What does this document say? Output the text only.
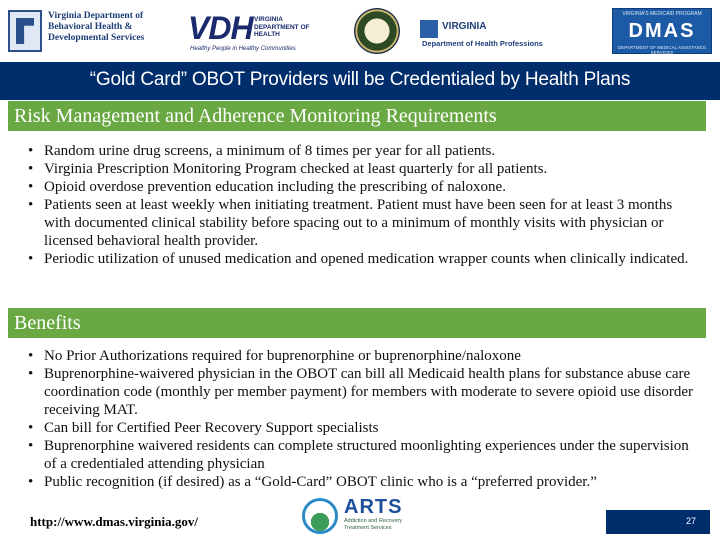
Virginia Department of Behavioral Health & Developmental Services	VDH VIRGINIA DEPARTMENT OF HEALTH
Healthy People in Healthy Communities
VIRGINIA
Department of Health Professions
VIRGINIA'S MEDICAID PROGRAM
DMAS
DEPARTMENT OF MEDICAL ASSISTANCE SERVICES
“Gold Card” OBOT Providers will be Credentialed by Health Plans
Risk Management and Adherence Monitoring Requirements
• Random urine drug screens, a minimum of 8 times per year for all patients.
• Virginia Prescription Monitoring Program checked at least quarterly for all patients.
• Opioid overdose prevention education including the prescribing of naloxone.
• Patients seen at least weekly when initiating treatment. Patient must have been seen for at least 3 months with documented clinical stability before spacing out to a minimum of monthly visits with physician or licensed behavioral health provider.
• Periodic utilization of unused medication and opened medication wrapper counts when clinically indicated.
Benefits
• No Prior Authorizations required for buprenorphine or buprenorphine/naloxone
• Buprenorphine-waivered physician in the OBOT can bill all Medicaid health plans for substance abuse care coordination code (monthly per member payment) for members with moderate to severe opioid use disorder receiving MAT.
• Can bill for Certified Peer Recovery Support specialists
• Buprenorphine waivered residents can complete structured moonlighting experiences under the supervision of a credentialed attending physician
• Public recognition (if desired) as a “Gold-Card” OBOT clinic who is a “preferred provider.”
http://www.dmas.virginia.gov/
ARTS
Addiction and Recovery Treatment Services
27
